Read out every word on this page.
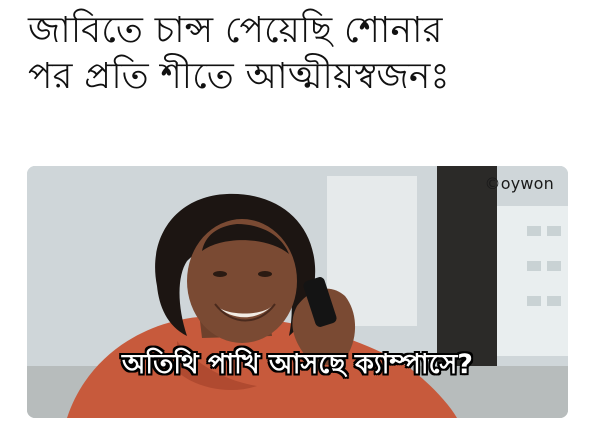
জাবিতে চান্স পেয়েছি শোনার
পর প্রতি শীতে আত্মীয়স্বজনঃ
©oywon
অতিথি পাখি আসছে ক্যাম্পাসে?
